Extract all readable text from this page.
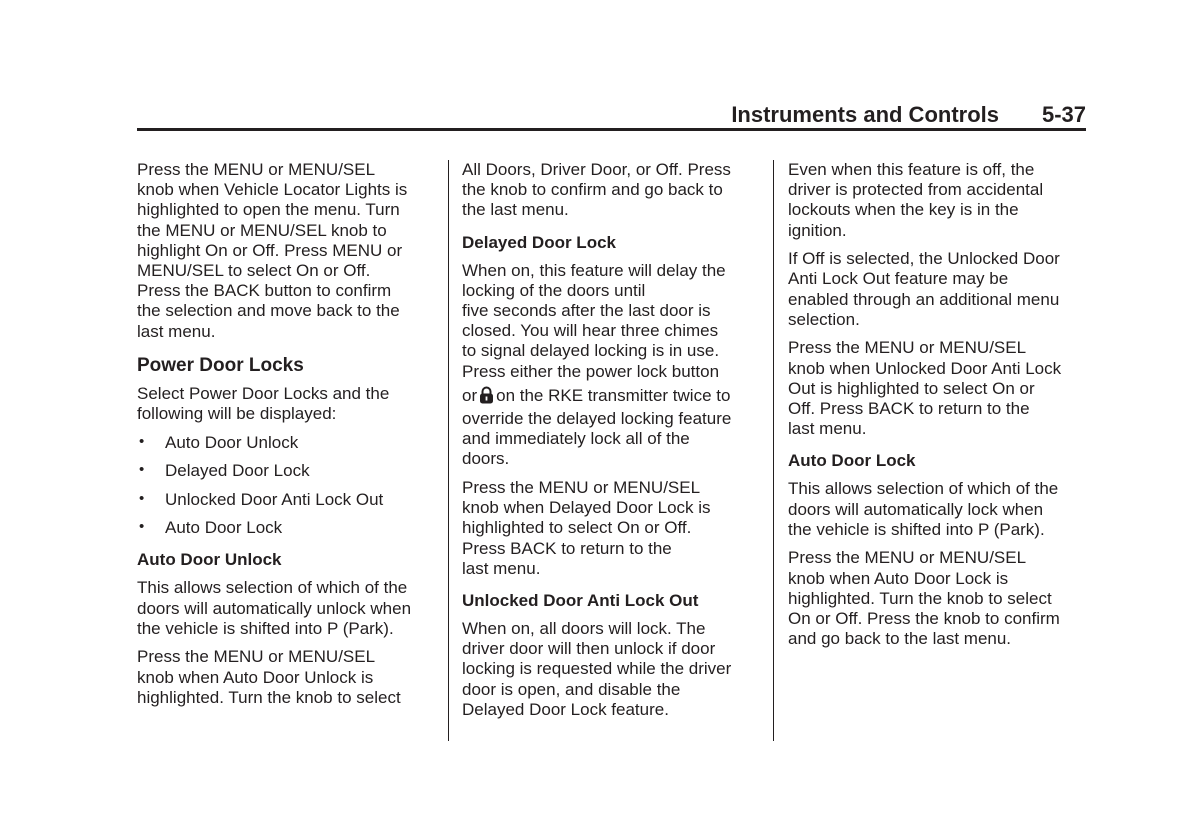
Instruments and Controls 5-37

Press the MENU or MENU/SEL
knob when Vehicle Locator Lights is
highlighted to open the menu. Turn
the MENU or MENU/SEL knob to
highlight On or Off. Press MENU or
MENU/SEL to select On or Off.
Press the BACK button to confirm
the selection and move back to the
last menu.

Power Door Locks

Select Power Door Locks and the
following will be displayed:

• Auto Door Unlock
• Delayed Door Lock
• Unlocked Door Anti Lock Out
• Auto Door Lock
Auto Door Unlock

This allows selection of which of the
doors will automatically unlock when
the vehicle is shifted into P (Park).

Press the MENU or MENU/SEL
knob when Auto Door Unlock is
highlighted. Turn the knob to select

All Doors, Driver Door, or Off. Press
the knob to confirm and go back to
the last menu.

Delayed Door Lock

When on, this feature will delay the
locking of the doors until
five seconds after the last door is
closed. You will hear three chimes
to signal delayed locking is in use.
Press either the power lock button
or on the RKE transmitter twice to
override the delayed locking feature
and immediately lock all of the
doors.

Press the MENU or MENU/SEL
knob when Delayed Door Lock is
highlighted to select On or Off.
Press BACK to return to the
last menu.

Unlocked Door Anti Lock Out

When on, all doors will lock. The
driver door will then unlock if door
locking is requested while the driver
door is open, and disable the
Delayed Door Lock feature.

Even when this feature is off, the
driver is protected from accidental
lockouts when the key is in the
ignition.

If Off is selected, the Unlocked Door
Anti Lock Out feature may be
enabled through an additional menu
selection.

Press the MENU or MENU/SEL
knob when Unlocked Door Anti Lock
Out is highlighted to select On or
Off. Press BACK to return to the
last menu.

Auto Door Lock

This allows selection of which of the
doors will automatically lock when
the vehicle is shifted into P (Park).

Press the MENU or MENU/SEL
knob when Auto Door Lock is
highlighted. Turn the knob to select
On or Off. Press the knob to confirm
and go back to the last menu.
